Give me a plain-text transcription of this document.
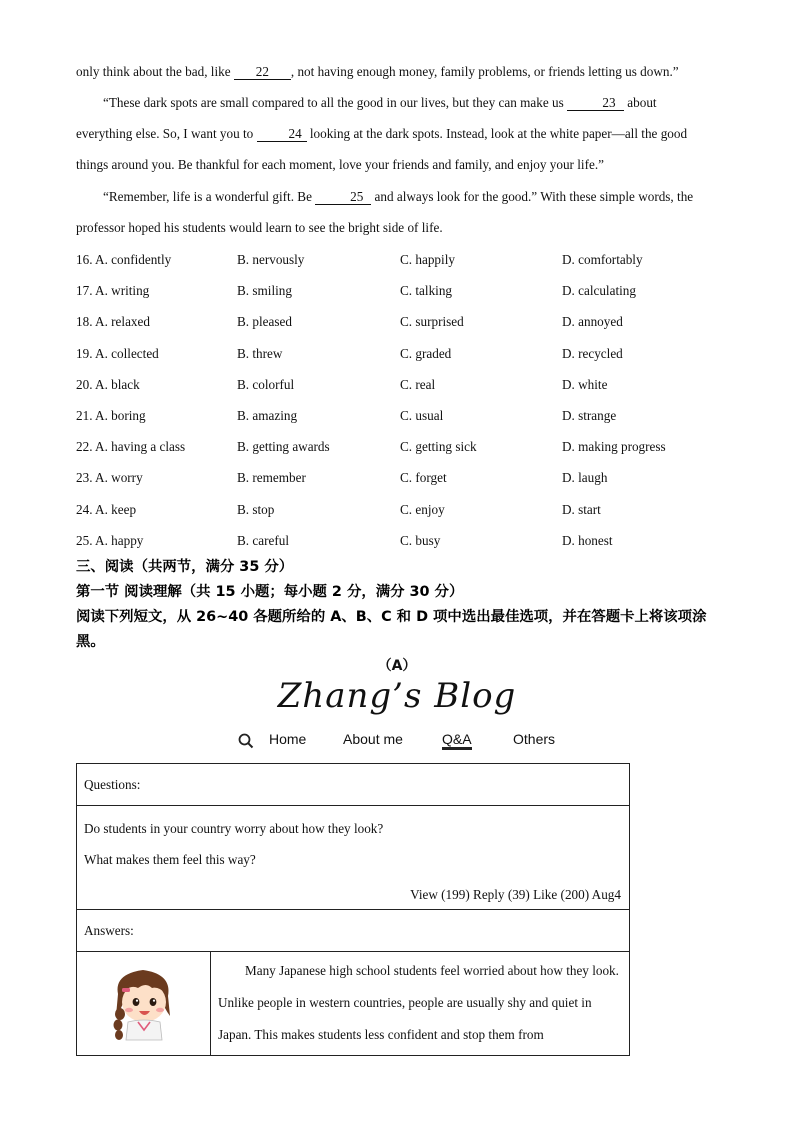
only think about the bad, like 22 , not having enough money, family problems, or friends letting us down.”

“These dark spots are small compared to all the good in our lives, but they can make us	23 about everything else. So, I want you to 24 looking at the dark spots. Instead, look at the white paper—all the good things around you. Be thankful for each moment, love your friends and family, and enjoy your life.”

“Remember, life is a wonderful gift. Be	25 and always look for the good.” With these simple words, the professor hoped his students would learn to see the bright side of life.

16. A. confidently	B. nervously	C. happily	D. comfortably
17. A. writing	B. smiling	C. talking	D. calculating
18. A. relaxed	B. pleased	C. surprised	D. annoyed
19. A. collected	B. threw	C. graded	D. recycled
20. A. black	B. colorful	C. real	D. white
21. A. boring	B. amazing	C. usual	D. strange
22. A. having a class	B. getting awards	C. getting sick	D. making progress
23. A. worry	B. remember	C. forget	D. laugh
24. A. keep	B. stop	C. enjoy	D. start
25. A. happy	B. careful	C. busy	D. honest

三、阅读（共两节，满分 35 分）

第一节 阅读理解（共 15 小题；每小题 2 分，满分 30 分）

阅读下列短文，从 26~40 各题所给的 A、B、C 和 D 项中选出最佳选项，并在答题卡上将该项涂黑。

（A）
Zhang’s Blog
Home	About me	Q&A	Others
Questions:

Do students in your country worry about how they look?

What makes them feel this way?

View (199) Reply (39) Like (200) Aug4
Answers:

Many Japanese high school students feel worried about how they look. Unlike people in western countries, people are usually shy and quiet in Japan. This makes students less confident and stop them from
